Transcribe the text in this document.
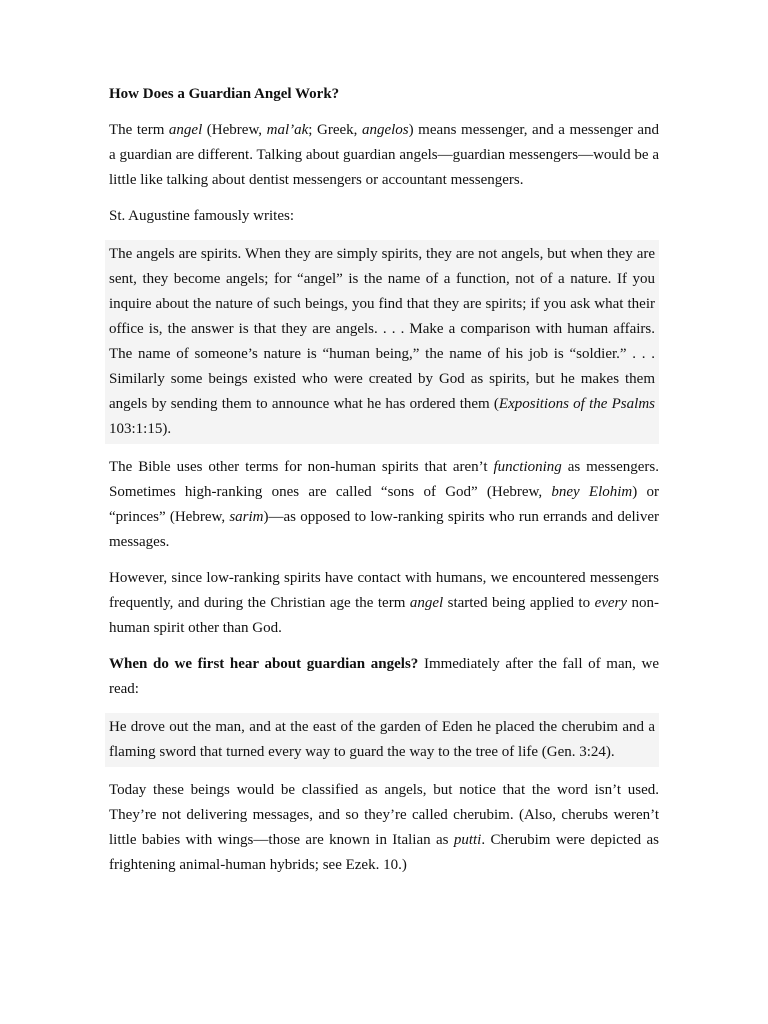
How Does a Guardian Angel Work?

The term angel (Hebrew, mal’ak; Greek, angelos) means messenger, and a messenger and a guardian are different. Talking about guardian angels—guardian messengers—would be a little like talking about dentist messengers or accountant messengers.

St. Augustine famously writes:

The angels are spirits. When they are simply spirits, they are not angels, but when they are sent, they become angels; for “angel” is the name of a function, not of a nature. If you inquire about the nature of such beings, you find that they are spirits; if you ask what their office is, the answer is that they are angels. . . . Make a comparison with human affairs. The name of someone’s nature is “human being,” the name of his job is “soldier.” . . . Similarly some beings existed who were created by God as spirits, but he makes them angels by sending them to announce what he has ordered them (Expositions of the Psalms 103:1:15).

The Bible uses other terms for non-human spirits that aren’t functioning as messengers. Sometimes high-ranking ones are called “sons of God” (Hebrew, bney Elohim) or “princes” (Hebrew, sarim)—as opposed to low-ranking spirits who run errands and deliver messages.

However, since low-ranking spirits have contact with humans, we encountered messengers frequently, and during the Christian age the term angel started being applied to every non-human spirit other than God.

When do we first hear about guardian angels? Immediately after the fall of man, we read:

He drove out the man, and at the east of the garden of Eden he placed the cherubim and a flaming sword that turned every way to guard the way to the tree of life (Gen. 3:24).

Today these beings would be classified as angels, but notice that the word isn’t used. They’re not delivering messages, and so they’re called cherubim. (Also, cherubs weren’t little babies with wings—those are known in Italian as putti. Cherubim were depicted as frightening animal-human hybrids; see Ezek. 10.)
